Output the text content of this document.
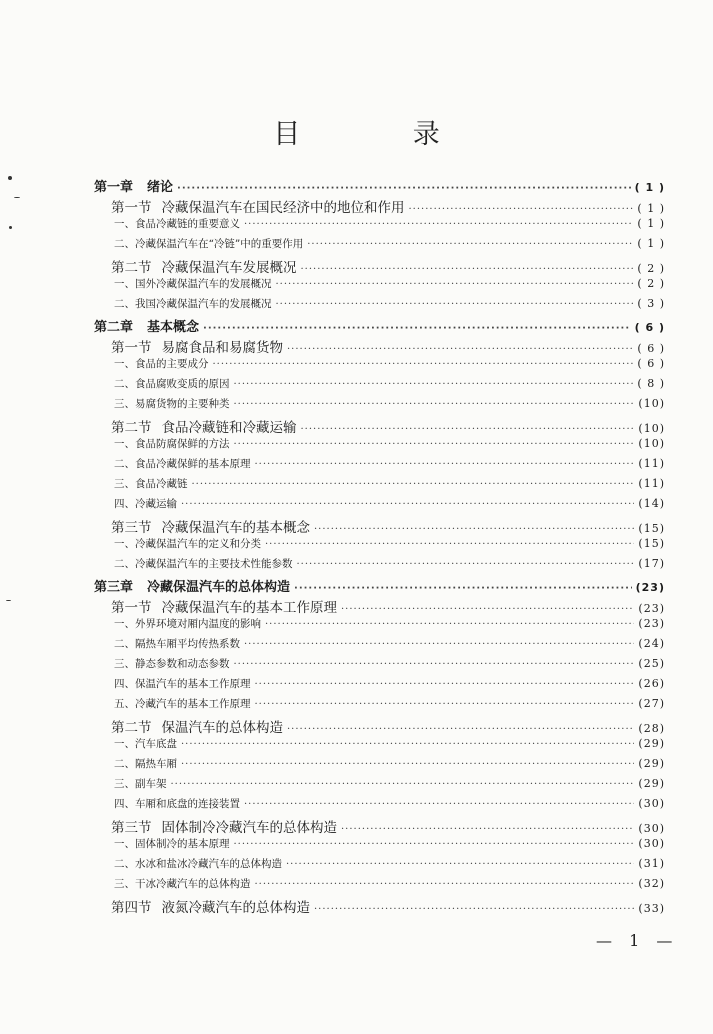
目 录
第一章 绪论 ·····	( 1 )
第一节 冷藏保温汽车在国民经济中的地位和作用 ·····	( 1 )
一、食品冷藏链的重要意义 ·····	( 1 )
二、冷藏保温汽车在“冷链”中的重要作用 ·····	( 1 )
第二节 冷藏保温汽车发展概况 ·····	( 2 )
一、国外冷藏保温汽车的发展概况 ·····	( 2 )
二、我国冷藏保温汽车的发展概况 ·····	( 3 )
第二章 基本概念 ·····	( 6 )
第一节 易腐食品和易腐货物 ·····	( 6 )
一、食品的主要成分 ·····	( 6 )
二、食品腐败变质的原因 ·····	( 8 )
三、易腐货物的主要种类 ·····	(10)
第二节 食品冷藏链和冷藏运输 ·····	(10)
一、食品防腐保鲜的方法 ·····	(10)
二、食品冷藏保鲜的基本原理 ·····	(11)
三、食品冷藏链 ·····	(11)
四、冷藏运输 ·····	(14)
第三节 冷藏保温汽车的基本概念 ·····	(15)
一、冷藏保温汽车的定义和分类 ·····	(15)
二、冷藏保温汽车的主要技术性能参数 ·····	(17)
第三章 冷藏保温汽车的总体构造 ·····	(23)
第一节 冷藏保温汽车的基本工作原理 ·····	(23)
一、外界环境对厢内温度的影响 ·····	(23)
二、隔热车厢平均传热系数 ·····	(24)
三、静态参数和动态参数 ·····	(25)
四、保温汽车的基本工作原理 ·····	(26)
五、冷藏汽车的基本工作原理 ·····	(27)
第二节 保温汽车的总体构造 ·····	(28)
一、汽车底盘 ·····	(29)
二、隔热车厢 ·····	(29)
三、副车架 ·····	(29)
四、车厢和底盘的连接装置 ·····	(30)
第三节 固体制冷冷藏汽车的总体构造 ·····	(30)
一、固体制冷的基本原理 ·····	(30)
二、水冰和盐冰冷藏汽车的总体构造 ·····	(31)
三、干冰冷藏汽车的总体构造 ·····	(32)
第四节 液氮冷藏汽车的总体构造 ·····	(33)
— 1 —
